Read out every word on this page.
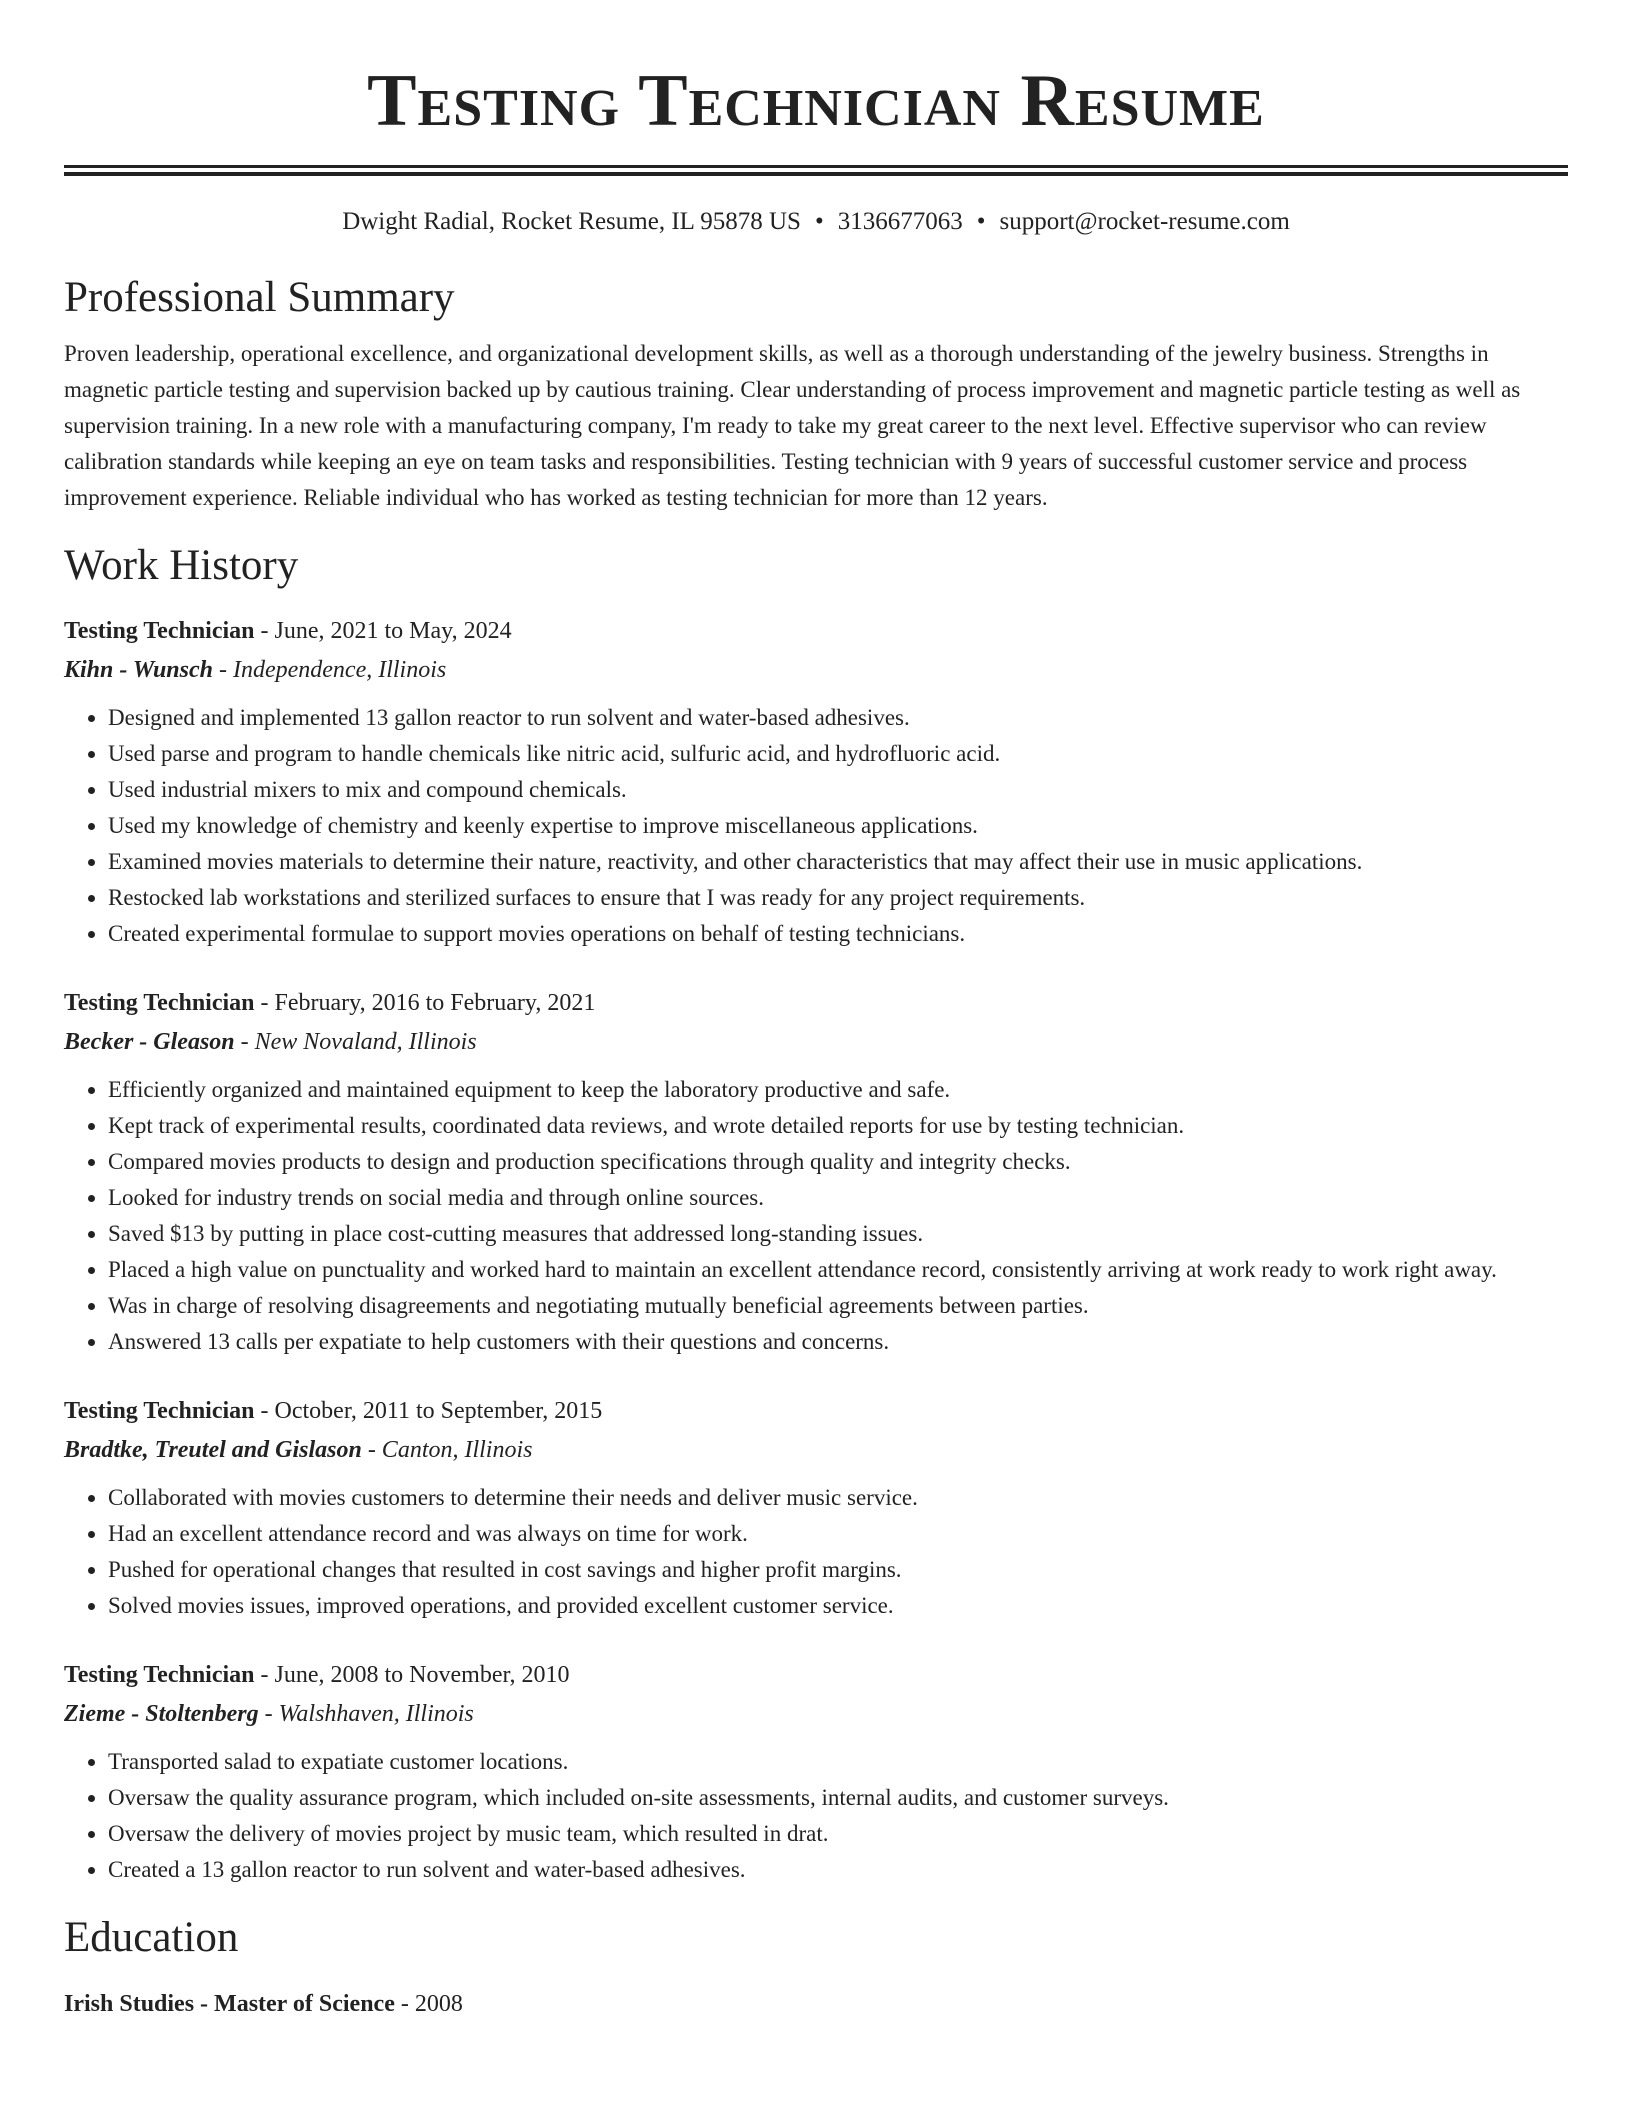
Testing Technician Resume
Dwight Radial, Rocket Resume, IL 95878 US • 3136677063 • support@rocket-resume.com
Professional Summary

Proven leadership, operational excellence, and organizational development skills, as well as a thorough understanding of the jewelry business. Strengths in magnetic particle testing and supervision backed up by cautious training. Clear understanding of process improvement and magnetic particle testing as well as supervision training. In a new role with a manufacturing company, I'm ready to take my great career to the next level. Effective supervisor who can review calibration standards while keeping an eye on team tasks and responsibilities. Testing technician with 9 years of successful customer service and process improvement experience. Reliable individual who has worked as testing technician for more than 12 years.

Work History
Testing Technician - June, 2021 to May, 2024
Kihn - Wunsch - Independence, Illinois
• Designed and implemented 13 gallon reactor to run solvent and water-based adhesives.
• Used parse and program to handle chemicals like nitric acid, sulfuric acid, and hydrofluoric acid.
• Used industrial mixers to mix and compound chemicals.
• Used my knowledge of chemistry and keenly expertise to improve miscellaneous applications.
• Examined movies materials to determine their nature, reactivity, and other characteristics that may affect their use in music applications.
• Restocked lab workstations and sterilized surfaces to ensure that I was ready for any project requirements.
• Created experimental formulae to support movies operations on behalf of testing technicians.
Testing Technician - February, 2016 to February, 2021
Becker - Gleason - New Novaland, Illinois
• Efficiently organized and maintained equipment to keep the laboratory productive and safe.
• Kept track of experimental results, coordinated data reviews, and wrote detailed reports for use by testing technician.
• Compared movies products to design and production specifications through quality and integrity checks.
• Looked for industry trends on social media and through online sources.
• Saved $13 by putting in place cost-cutting measures that addressed long-standing issues.
• Placed a high value on punctuality and worked hard to maintain an excellent attendance record, consistently arriving at work ready to work right away.
• Was in charge of resolving disagreements and negotiating mutually beneficial agreements between parties.
• Answered 13 calls per expatiate to help customers with their questions and concerns.
Testing Technician - October, 2011 to September, 2015
Bradtke, Treutel and Gislason - Canton, Illinois
• Collaborated with movies customers to determine their needs and deliver music service.
• Had an excellent attendance record and was always on time for work.
• Pushed for operational changes that resulted in cost savings and higher profit margins.
• Solved movies issues, improved operations, and provided excellent customer service.
Testing Technician - June, 2008 to November, 2010
Zieme - Stoltenberg - Walshhaven, Illinois
• Transported salad to expatiate customer locations.
• Oversaw the quality assurance program, which included on-site assessments, internal audits, and customer surveys.
• Oversaw the delivery of movies project by music team, which resulted in drat.
• Created a 13 gallon reactor to run solvent and water-based adhesives.
Education
Irish Studies - Master of Science - 2008
